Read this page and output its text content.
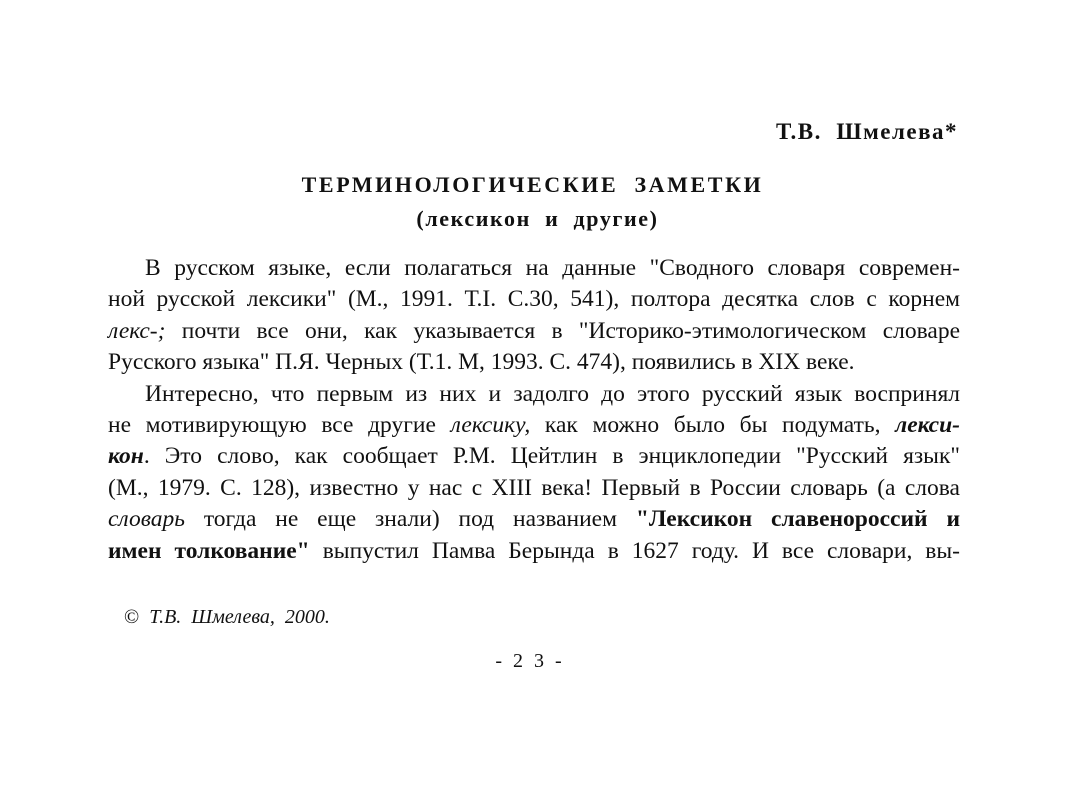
Т.В.  Шмелева*
ТЕРМИНОЛОГИЧЕСКИЕ  ЗАМЕТКИ
(лексикон  и  другие)
В русском языке, если полагаться на данные "Сводного словаря современ-
ной русской лексики" (М., 1991. Т.I. С.30, 541), полтора десятка слов с корнем
лекс-; почти все они, как указывается в "Историко-этимологическом словаре
Русского языка" П.Я. Черных (Т.1. М, 1993. С. 474), появились в XIX веке.
Интересно, что первым из них и задолго до этого русский язык воспринял
не мотивирующую все другие лексику, как можно было бы подумать, лекси-
кон. Это слово, как сообщает Р.М. Цейтлин в энциклопедии "Русский язык"
(М., 1979. С. 128), известно у нас с XIII века! Первый в России словарь (а слова
словарь тогда не еще знали) под названием "Лексикон славенороссий и
имен толкование" выпустил Памва Берында в 1627 году. И все словари, вы-
©  Т.В.  Шмелева,  2000.
- 2 3 -
